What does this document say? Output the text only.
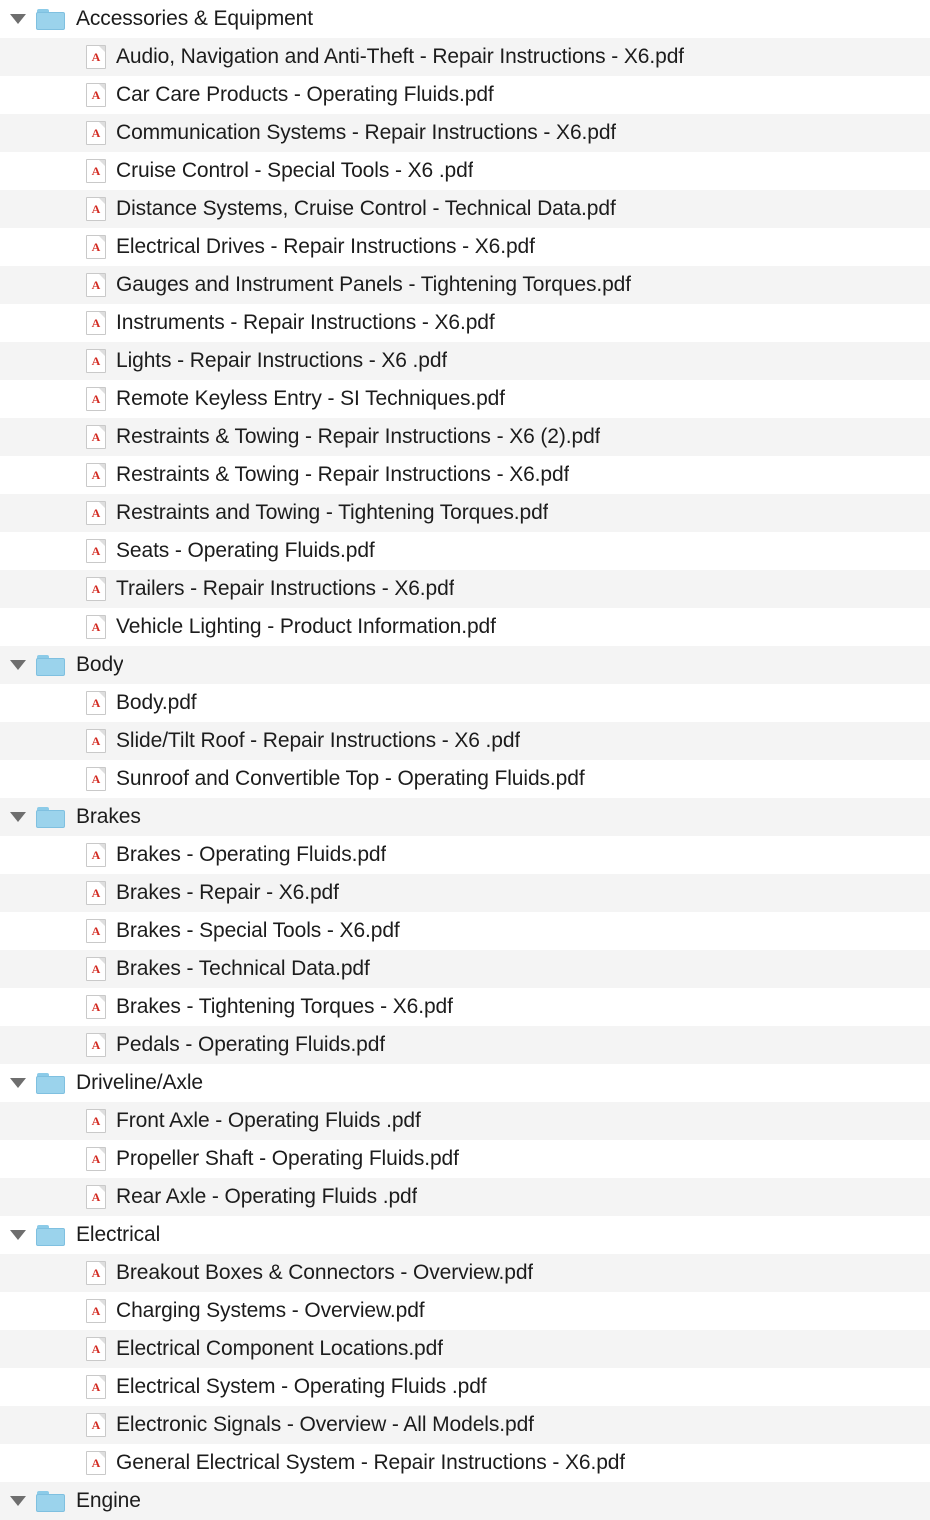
Accessories & Equipment
A Audio, Navigation and Anti-Theft - Repair Instructions - X6.pdf
A Car Care Products - Operating Fluids.pdf
A Communication Systems - Repair Instructions - X6.pdf
A Cruise Control - Special Tools - X6 .pdf
A Distance Systems, Cruise Control - Technical Data.pdf
A Electrical Drives - Repair Instructions - X6.pdf
A Gauges and Instrument Panels - Tightening Torques.pdf
A Instruments - Repair Instructions - X6.pdf
A Lights - Repair Instructions - X6 .pdf
A Remote Keyless Entry - SI Techniques.pdf
A Restraints & Towing - Repair Instructions - X6 (2).pdf
A Restraints & Towing - Repair Instructions - X6.pdf
A Restraints and Towing - Tightening Torques.pdf
A Seats - Operating Fluids.pdf
A Trailers - Repair Instructions - X6.pdf
A Vehicle Lighting - Product Information.pdf
Body
A Body.pdf
A Slide/Tilt Roof - Repair Instructions - X6 .pdf
A Sunroof and Convertible Top - Operating Fluids.pdf
Brakes
A Brakes - Operating Fluids.pdf
A Brakes - Repair - X6.pdf
A Brakes - Special Tools - X6.pdf
A Brakes - Technical Data.pdf
A Brakes - Tightening Torques - X6.pdf
A Pedals - Operating Fluids.pdf
Driveline/Axle
A Front Axle - Operating Fluids .pdf
A Propeller Shaft - Operating Fluids.pdf
A Rear Axle - Operating Fluids .pdf
Electrical
A Breakout Boxes & Connectors - Overview.pdf
A Charging Systems - Overview.pdf
A Electrical Component Locations.pdf
A Electrical System - Operating Fluids .pdf
A Electronic Signals - Overview - All Models.pdf
A General Electrical System - Repair Instructions - X6.pdf
Engine
